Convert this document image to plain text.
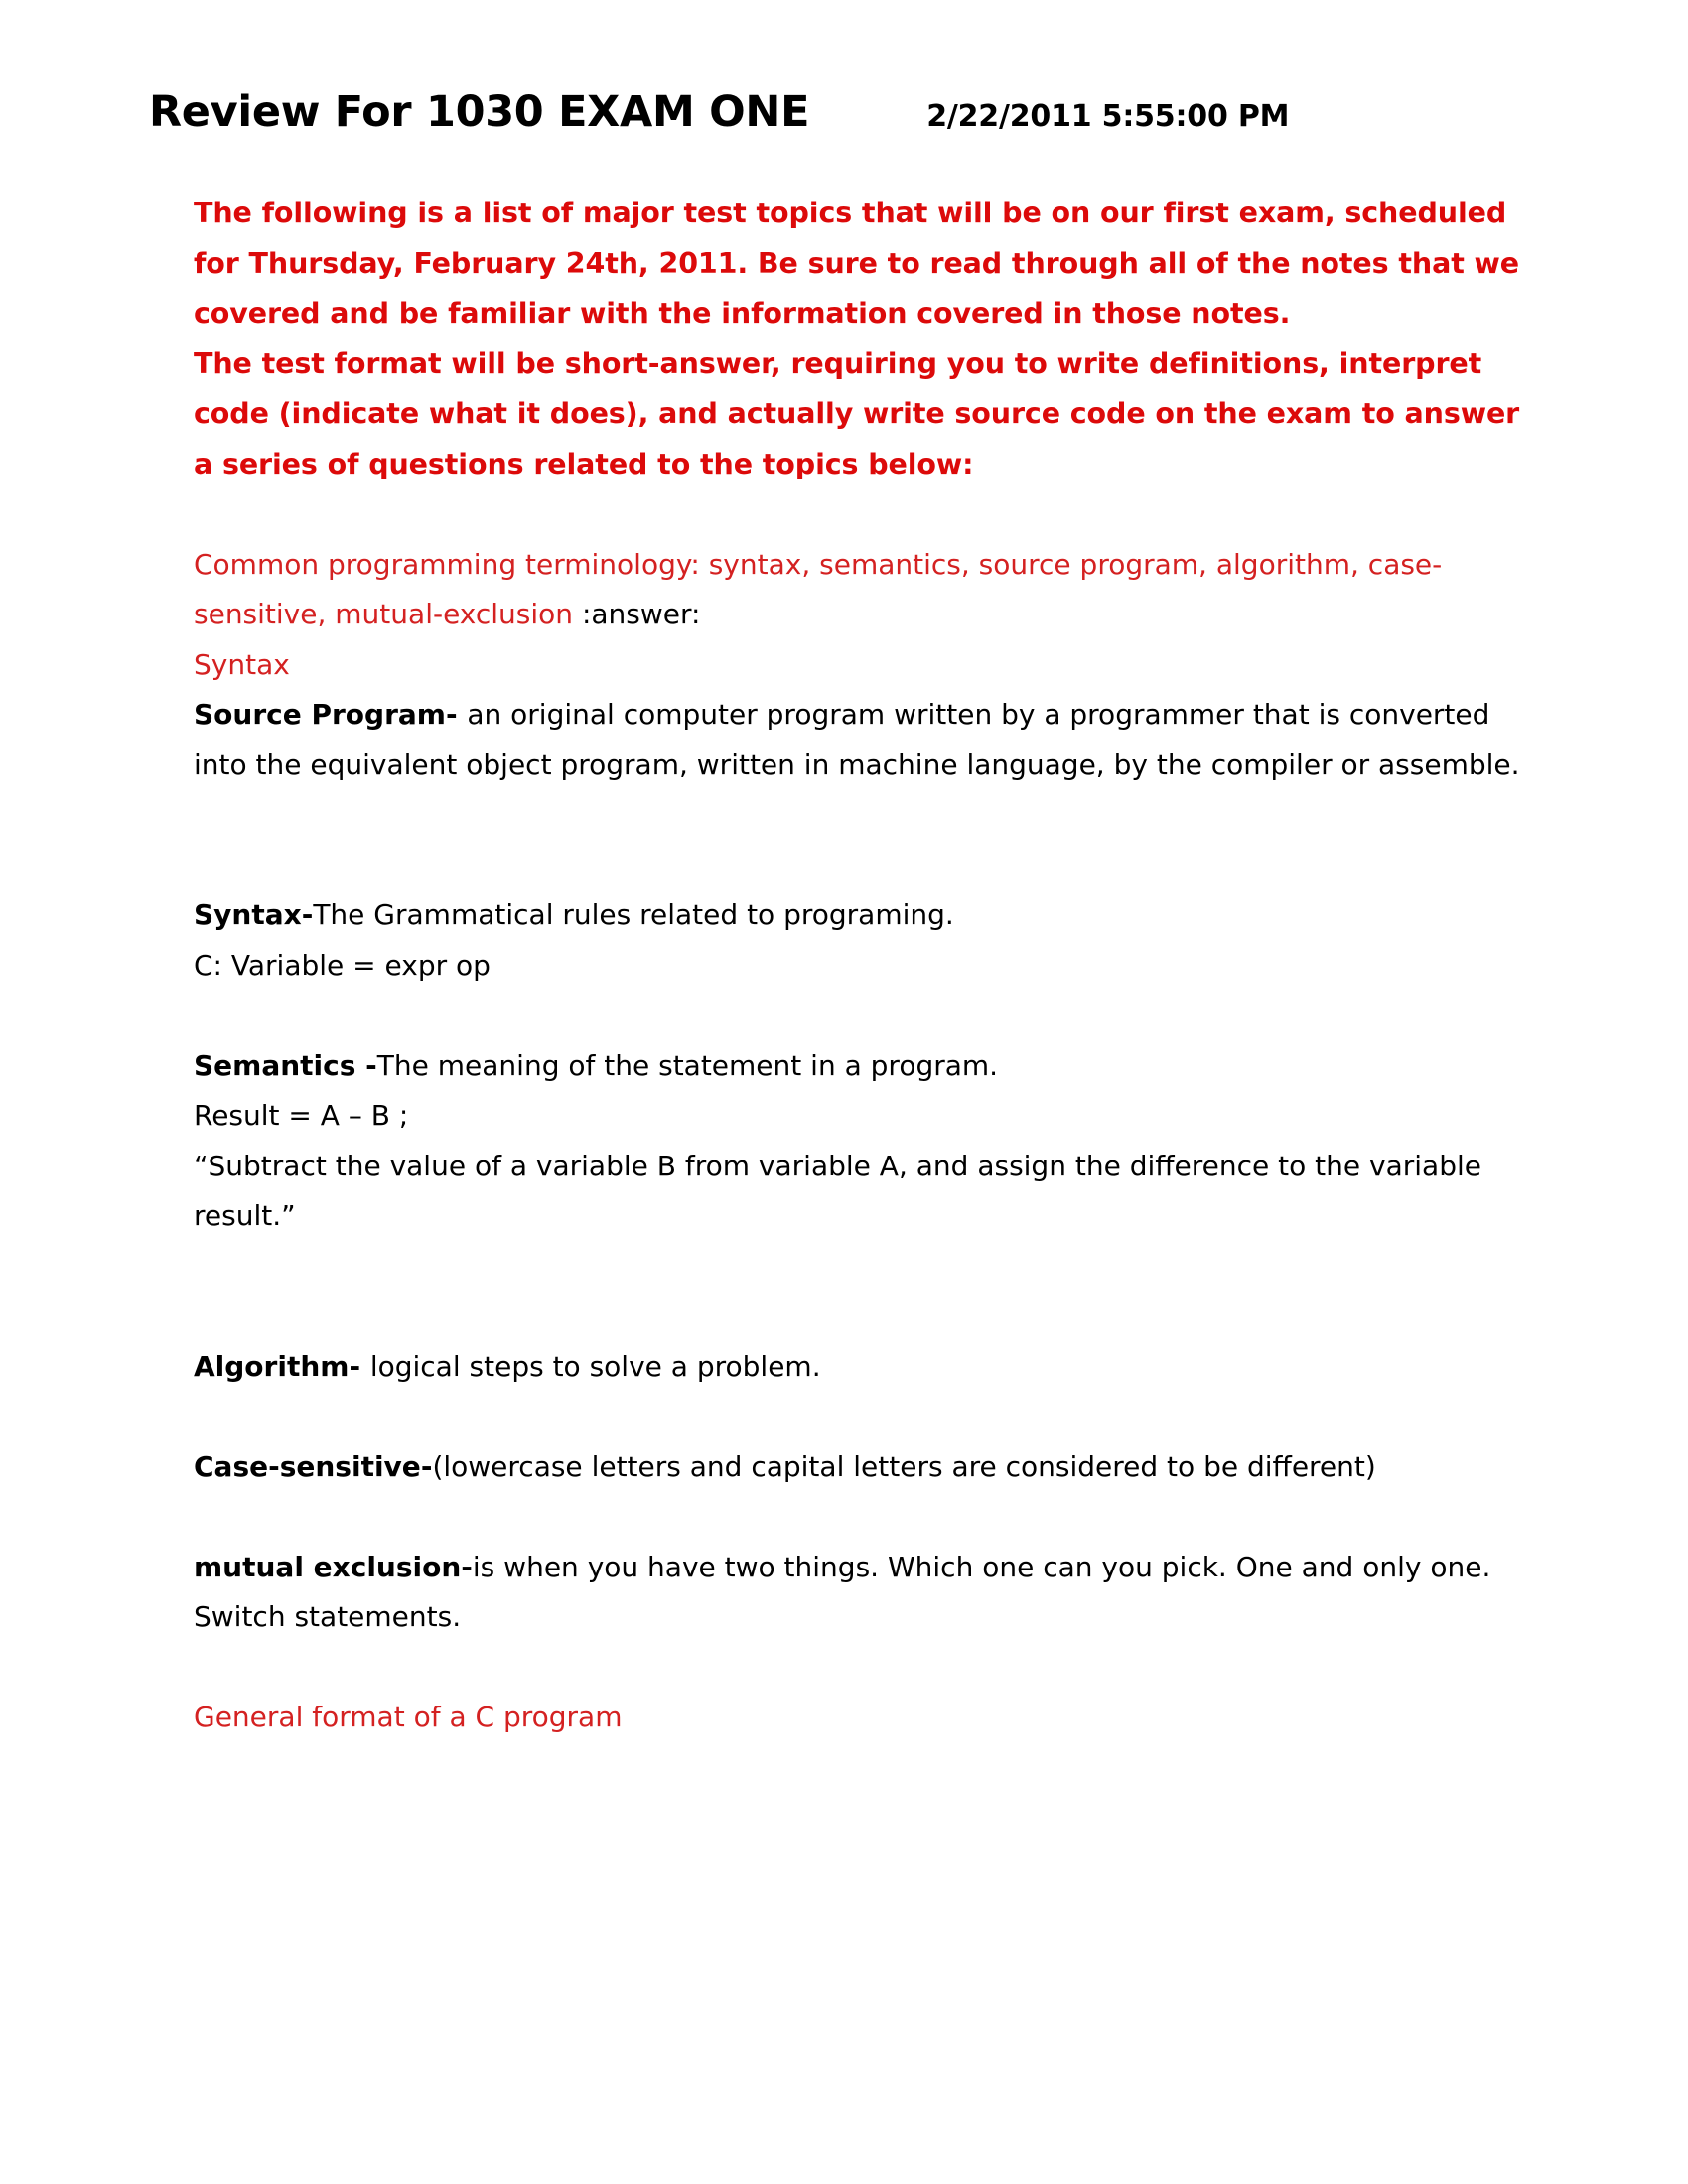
Review For 1030 EXAM ONE	2/22/2011 5:55:00 PM

The following is a list of major test topics that will be on our first exam, scheduled for Thursday, February 24th, 2011. Be sure to read through all of the notes that we covered and be familiar with the information covered in those notes.

The test format will be short-answer, requiring you to write definitions, interpret code (indicate what it does), and actually write source code on the exam to answer a series of questions related to the topics below:

Common programming terminology: syntax, semantics, source program, algorithm, case-sensitive, mutual-exclusion :answer:

Syntax

Source Program- an original computer program written by a programmer that is converted into the equivalent object program, written in machine language, by the compiler or assemble.

Syntax-The Grammatical rules related to programing.

C: Variable = expr op

Semantics -The meaning of the statement in a program.

Result = A – B ;

“Subtract the value of a variable B from variable A, and assign the difference to the variable result.”

Algorithm- logical steps to solve a problem.

Case-sensitive-(lowercase letters and capital letters are considered to be different)

mutual exclusion-is when you have two things. Which one can you pick. One and only one. Switch statements.

General format of a C program
